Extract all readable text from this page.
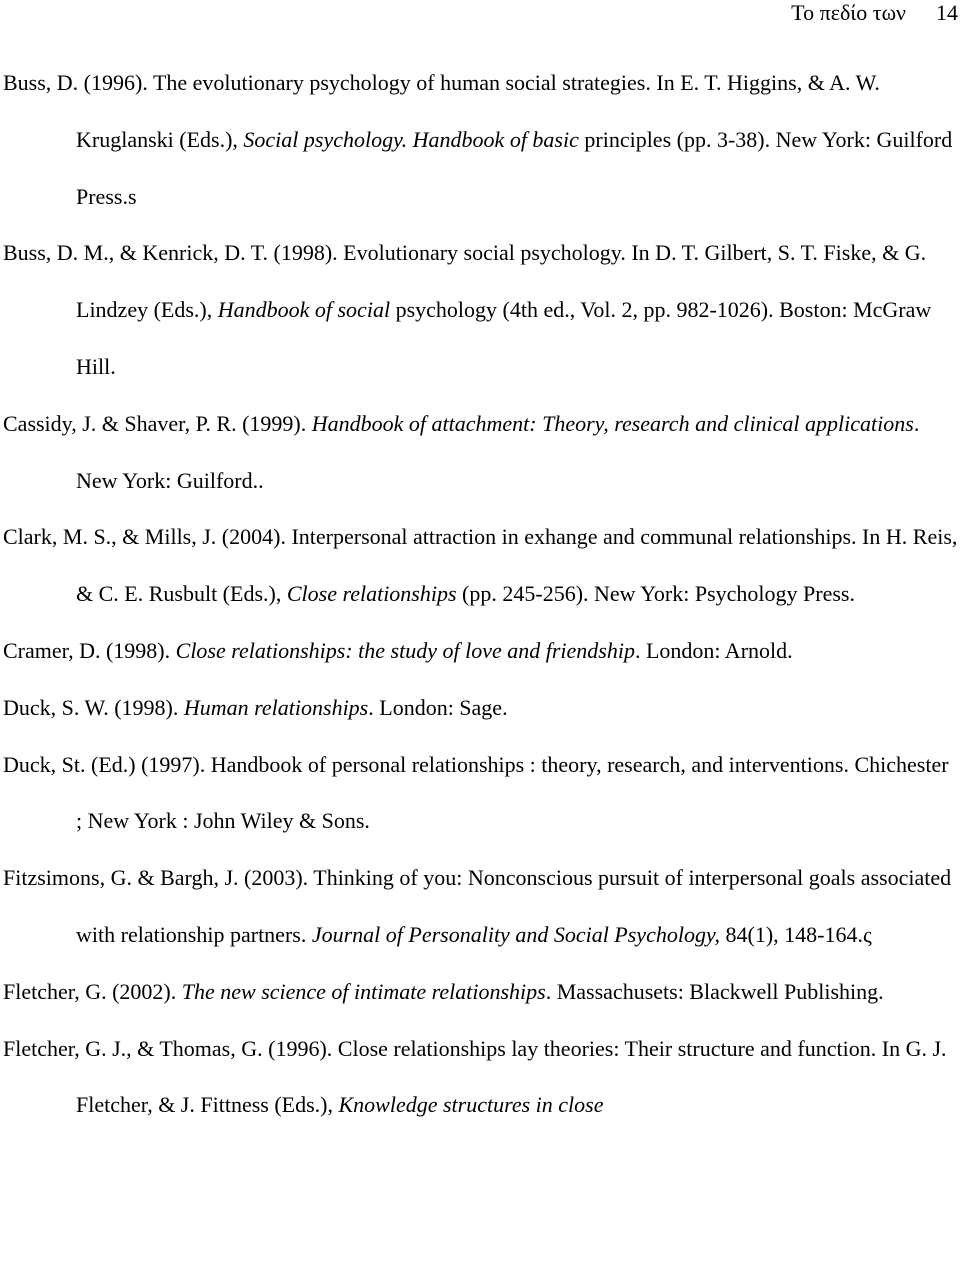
Το πεδίο των 14

Buss, D. (1996). The evolutionary psychology of human social strategies. In E. T. Higgins, & A. W. Kruglanski (Eds.), Social psychology. Handbook of basic principles (pp. 3-38). New York: Guilford Press.s

Buss, D. M., & Kenrick, D. T. (1998). Evolutionary social psychology. In D. T. Gilbert, S. T. Fiske, & G. Lindzey (Eds.), Handbook of social psychology (4th ed., Vol. 2, pp. 982-1026). Boston: McGraw Hill.

Cassidy, J. & Shaver, P. R. (1999). Handbook of attachment: Theory, research and clinical applications. New York: Guilford..

Clark, M. S., & Mills, J. (2004). Interpersonal attraction in exhange and communal relationships. In H. Reis, & C. E. Rusbult (Eds.), Close relationships (pp. 245-256). New York: Psychology Press.

Cramer, D. (1998). Close relationships: the study of love and friendship. London: Arnold.

Duck, S. W. (1998). Human relationships. London: Sage.

Duck, St. (Ed.) (1997). Handbook of personal relationships : theory, research, and interventions. Chichester ; New York : John Wiley & Sons.

Fitzsimons, G. & Bargh, J. (2003). Thinking of you: Nonconscious pursuit of interpersonal goals associated with relationship partners. Journal of Personality and Social Psychology, 84(1), 148-164.ς

Fletcher, G. (2002). The new science of intimate relationships. Massachusets: Blackwell Publishing.

Fletcher, G. J., & Thomas, G. (1996). Close relationships lay theories: Their structure and function. In G. J. Fletcher, & J. Fittness (Eds.), Knowledge structures in close
